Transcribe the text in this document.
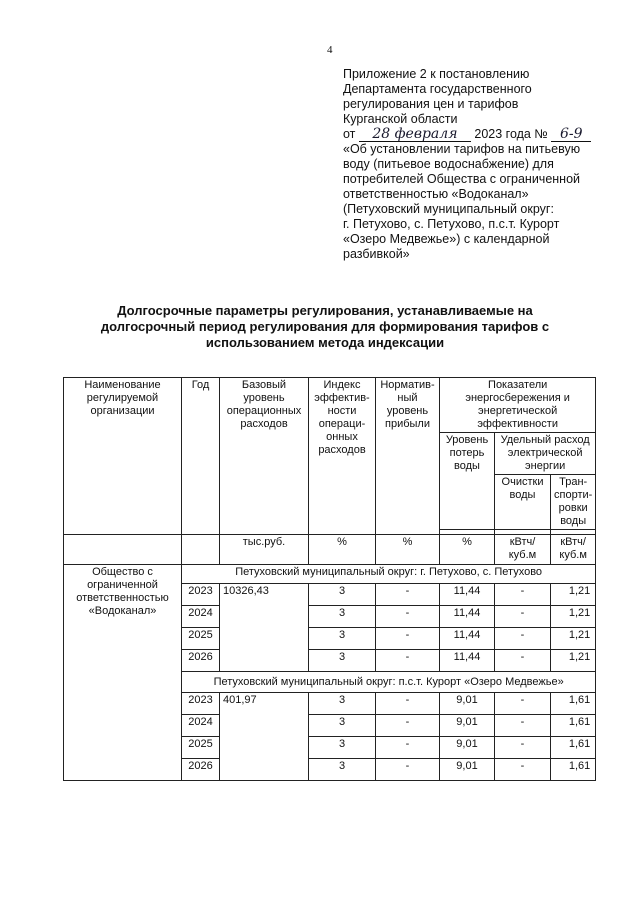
4
Приложение 2 к постановлению
Департамента государственного
регулирования цен и тарифов
Курганской области
от 28 февраля 2023 года № 6-9
«Об установлении тарифов на питьевую
воду (питьевое водоснабжение) для
потребителей Общества с ограниченной
ответственностью «Водоканал»
(Петуховский муниципальный округ:
г. Петухово, с. Петухово, п.с.т. Курорт
«Озеро Медвежье») с календарной
разбивкой»
Долгосрочные параметры регулирования, устанавливаемые на долгосрочный период регулирования для формирования тарифов с использованием метода индексации
Наименование регулируемой организации	Год	Базовый уровень операционных расходов	Индекс эффектив-ности операци-онных расходов	Норматив-ный уровень прибыли	Показатели энергосбережения и энергетической эффективности		
					Уровень потерь воды	Удельный расход электрической энергии	
						Очистки воды	Тран-спорти-ровки воды

		тыс.руб.	%	%	%	кВтч/ куб.м	кВтч/ куб.м
Общество с ограниченной ответственностью «Водоканал»	Петуховский муниципальный округ: г. Петухово, с. Петухово						
	2023	10326,43	3	-	11,44	-	1,21
	2024		3	-	11,44	-	1,21
	2025		3	-	11,44	-	1,21
	2026		3	-	11,44	-	1,21
	Петуховский муниципальный округ: п.с.т. Курорт «Озеро Медвежье»						
	2023	401,97	3	-	9,01	-	1,61
	2024		3	-	9,01	-	1,61
	2025		3	-	9,01	-	1,61
	2026		3	-	9,01	-	1,61
